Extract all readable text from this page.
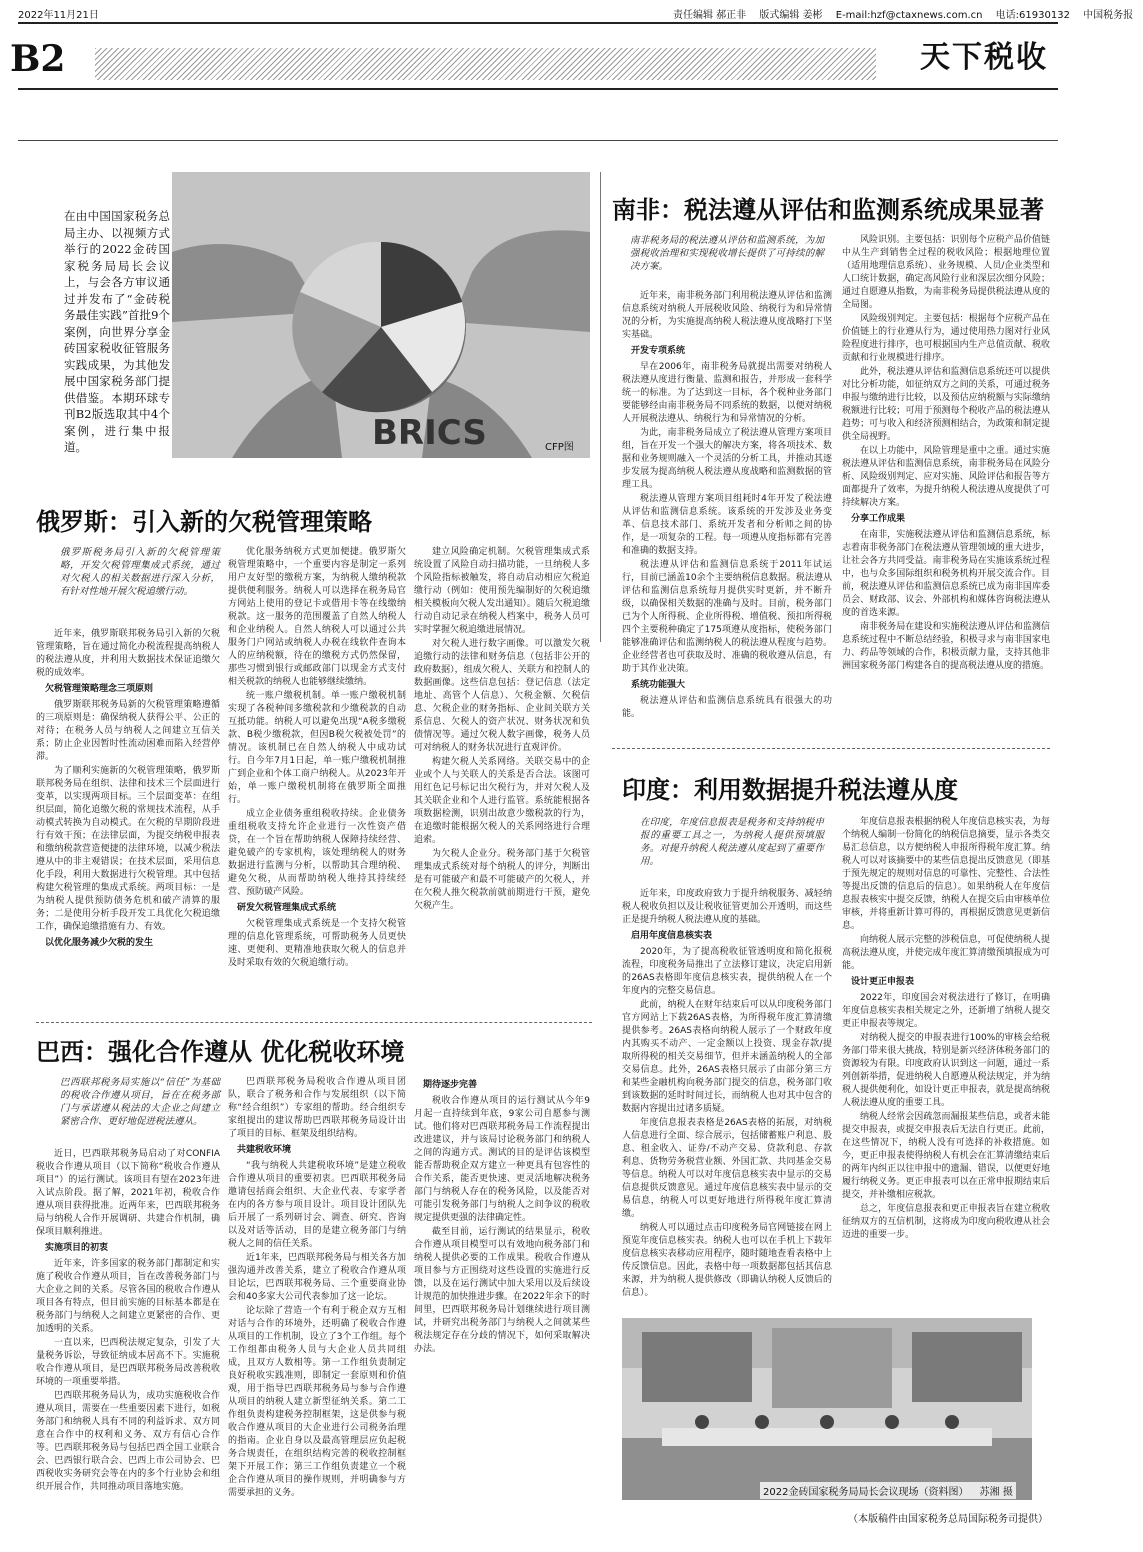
2022年11月21日	责任编辑 郝正非 版式编辑 姜彬 E-mail:hzf@ctaxnews.com.cn 电话:61930132 中国税务报
B2	天下税收
在由中国国家税务总局主办、以视频方式举行的2022金砖国家税务局局长会议上，与会各方审议通过并发布了“金砖税务最佳实践”首批9个案例，向世界分享金砖国家税收征管服务实践成果，为其他发展中国家税务部门提供借鉴。本期环球专刊B2版选取其中4个案例，进行集中报道。	BRICS	CFP图
南非：税法遵从评估和监测系统成果显著
南非税务局的税法遵从评估和监测系统，为加强税收治理和实现税收增长提供了可持续的解决方案。

近年来，南非税务部门利用税法遵从评估和监测信息系统对纳税人开展税收风险、纳税行为和异常情况的分析，为实施提高纳税人税法遵从度战略打下坚实基础。

开发专项系统

早在2006年，南非税务局就提出需要对纳税人税法遵从度进行衡量、监测和报告，并形成一套科学统一的标准。为了达到这一目标，各个税种业务部门要能够经由南非税务局不同系统的数据，以便对纳税人开展税法遵从、纳税行为和异常情况的分析。

为此，南非税务局成立了税法遵从管理方案项目组，旨在开发一个强大的解决方案，将各项技术、数据和业务规则融入一个灵活的分析工具，并推动其逐步发展为提高纳税人税法遵从度战略和监测数据的管理工具。

税法遵从管理方案项目组耗时4年开发了税法遵从评估和监测信息系统。该系统的开发涉及业务变革、信息技术部门、系统开发者和分析师之间的协作，是一项复杂的工程。每一项遵从度指标都有完善和准确的数据支持。

税法遵从评估和监测信息系统于2011年试运行，目前已涵盖10余个主要纳税信息数据。税法遵从评估和监测信息系统每月提供实时更新，并不断升级，以确保相关数据的准确与及时。目前，税务部门已为个人所得税、企业所得税、增值税、预扣所得税四个主要税种确定了175项遵从度指标，使税务部门能够准确评估和监测纳税人的税法遵从程度与趋势。企业经营者也可获取及时、准确的税收遵从信息，有助于其作业决策。

系统功能强大

税法遵从评估和监测信息系统具有很强大的功能。

风险识别。主要包括：识别每个应税产品价值链中从生产到销售全过程的税收风险；根据地理位置（适用地理信息系统）、业务规模、人员/企业类型和人口统计数据，确定高风险行业和深层次细分风险；通过自愿遵从指数，为南非税务局提供税法遵从度的全局图。

风险级别判定。主要包括：根据每个应税产品在价值链上的行业遵从行为，通过使用热力图对行业风险程度进行排序，也可根据国内生产总值贡献、税收贡献和行业规模进行排序。

此外，税法遵从评估和监测信息系统还可以提供对比分析功能，如征纳双方之间的关系，可通过税务申报与缴纳进行比较，以及预估应纳税额与实际缴纳税额进行比较；可用于预测每个税收产品的税法遵从趋势；可与收入和经济预测相结合，为政策和制定提供全局视野。

在以上功能中，风险管理是重中之重。通过实施税法遵从评估和监测信息系统，南非税务局在风险分析、风险级别判定、应对实施、风险评估和报告等方面都提升了效率，为提升纳税人税法遵从度提供了可持续解决方案。

分享工作成果

在南非，实施税法遵从评估和监测信息系统，标志着南非税务部门在税法遵从管理领域的重大进步，让社会各方共同受益。南非税务局在实施该系统过程中，也与众多国际组织和税务机构开展交流合作。目前，税法遵从评估和监测信息系统已成为南非国库委员会、财政部、议会、外部机构和媒体咨询税法遵从度的首选来源。

南非税务局在建设和实施税法遵从评估和监测信息系统过程中不断总结经验，积极寻求与南非国家电力、药品等领域的合作，积极贡献力量，支持其他非洲国家税务部门构建各自的提高税法遵从度的措施。

俄罗斯：引入新的欠税管理策略
俄罗斯税务局引入新的欠税管理策略，开发欠税管理集成式系统，通过对欠税人的相关数据进行深入分析，有针对性地开展欠税追缴行动。

近年来，俄罗斯联邦税务局引入新的欠税管理策略，旨在通过简化办税流程提高纳税人的税法遵从度，并利用大数据技术保证追缴欠税的成效率。

欠税管理策略理念三项原则

俄罗斯联邦税务局新的欠税管理策略遵循的三项原则是：确保纳税人获得公平、公正的对待；在税务人员与纳税人之间建立互信关系；防止企业因暂时性流动困难而陷入经营停滞。

为了顺利实施新的欠税管理策略，俄罗斯联邦税务局在组织、法律和技术三个层面进行变革，以实现两项目标。三个层面变革：在组织层面，简化追缴欠税的常规技术流程，从手动模式转换为自动模式。在欠税的早期阶段进行有效干预；在法律层面，为提交纳税申报表和缴纳税款营造便捷的法律环境，以减少税法遵从中的非主观错误；在技术层面，采用信息化手段，利用大数据进行欠税管理。其中包括构建欠税管理的集成式系统。两项目标：一是为纳税人提供预防债务危机和破产清算的服务；二是使用分析手段开发工具优化欠税追缴工作，确保追缴措施有力、有效。

以优化服务减少欠税的发生

优化服务纳税方式更加便捷。俄罗斯欠税管理策略中，一个重要内容是制定一系列用户友好型的缴税方案，为纳税人缴纳税款提供便利服务。纳税人可以选择在税务局官方网站上使用的登记卡或借用卡等在线缴纳税款。这一服务的范围覆盖了自然人纳税人和企业纳税人。自然人纳税人可以通过公共服务门户网站或纳税人办税在线软件查询本人的应纳税额，待在的缴税方式仍然保留，那些习惯到银行或邮政部门以现金方式支付相关税款的纳税人也能够继续缴纳。

统一账户缴税机制。单一账户缴税机制实现了各税种间多缴税款和少缴税款的自动互抵功能。纳税人可以避免出现“A税多缴税款、B税少缴税款，但因B税欠税被处罚”的情况。该机制已在自然人纳税人中成功试行。自今年7月1日起，单一账户缴税机制推广到企业和个体工商户纳税人。从2023年开始，单一账户缴税机制将在俄罗斯全面推行。

成立企业债务重组税收持续。企业债务重组税收支持允许企业进行一次性资产借贷，在一个旨在帮助纳税人保障持续经营、避免破产的专家机构，该处理纳税人的财务数据进行监测与分析，以帮助其合理纳税、避免欠税，从而帮助纳税人维持其持续经营、预防破产风险。

研发欠税管理集成式系统

欠税管理集成式系统是一个支持欠税管理的信息化管理系统，可帮助税务人员更快速、更便利、更精准地获取欠税人的信息并及时采取有效的欠税追缴行动。

建立风险确定机制。欠税管理集成式系统设置了风险自动扫描功能，一旦纳税人多个风险指标被触发，将自动启动相应欠税追缴行动（例如：使用预先编制好的欠税追缴相关模板向欠税人发出通知）。随后欠税追缴行动自动记录在纳税人档案中，税务人员可实时掌握欠税追缴进展情况。

对欠税人进行数字画像。可以激发欠税追缴行动的法律和财务信息（包括非公开的政府数据），组成欠税人、关联方和控制人的数据画像。这些信息包括：登记信息（法定地址、高管个人信息）、欠税金额、欠税信息、欠税企业的财务指标、企业间关联方关系信息、欠税人的资产状况、财务状况和负债情况等。通过欠税人数字画像，税务人员可对纳税人的财务状况进行直观评价。

构建欠税人关系网络。关联交易中的企业或个人与关联人的关系是否合法。该图可用红色记号标记出欠税行为，并对欠税人及其关联企业和个人进行监管。系统能根据各项数据检测，识别出故意少缴税款的行为，在追缴时能根据欠税人的关系网络进行合理追索。

为欠税人企业分。税务部门基于欠税管理集成式系统对每个纳税人的评分，判断出是有可能破产和最不可能破产的欠税人，并在欠税人推欠税款前就前期进行干预，避免欠税产生。

巴西：强化合作遵从 优化税收环境
巴西联邦税务局实施以“信任”为基础的税收合作遵从项目，旨在在税务部门与承诺遵从税法的大企业之间建立紧密合作、更好地促进税法遵从。

近日，巴西联邦税务局启动了对CONFIA税收合作遵从项目（以下简称“税收合作遵从项目”）的运行测试。该项目有望在2023年进入试点阶段。据了解，2021年初，税收合作遵从项目获得批准。近两年来，巴西联邦税务局与纳税人合作开展调研、共建合作机制，确保项目顺利推进。

实施项目的初衷

近年来，许多国家的税务部门都制定和实施了税收合作遵从项目，旨在改善税务部门与大企业之间的关系。尽管各国的税收合作遵从项目各有特点，但目前实施的目标基本都是在税务部门与纳税人之间建立更紧密的合作、更加透明的关系。

一直以来，巴西税法规定复杂，引发了大量税务诉讼，导致征纳成本居高不下。实施税收合作遵从项目，是巴西联邦税务局改善税收环境的一项重要举措。

巴西联邦税务局认为，成功实施税收合作遵从项目，需要在一些重要因素下进行，如税务部门和纳税人具有不同的利益诉求、双方同意在合作中的权利和义务、双方有信心合作等。巴西联邦税务局与包括巴西全国工业联合会、巴西银行联合会、巴西上市公司协会、巴西税收实务研究会等在内的多个行业协会和组织开展合作，共同推动项目落地实施。

巴西联邦税务局税收合作遵从项目团队，联合了税务和合作与发展组织（以下简称“经合组织”）专家组的帮助。经合组织专家组提出的建议帮助巴西联邦税务局设计出了项目的目标、框架及组织结构。

共建税收环境

“我与纳税人共建税收环境”是建立税收合作遵从项目的重要初衷。巴西联邦税务局邀请包括商会组织、大企业代表、专家学者在内的各方参与项目设计。项目设计团队先后开展了一系列研讨会、调查、研究、咨询以及对话等活动，目的是建立税务部门与纳税人之间的信任关系。

近1年来，巴西联邦税务局与相关各方加强沟通并改善关系，建立了税收合作遵从项目论坛，巴西联邦税务局、三个重要商业协会和40多家大公司代表参加了这一论坛。

论坛除了营造一个有利于税企双方互相对话与合作的环境外，还明确了税收合作遵从项目的工作机制，设立了3个工作组。每个工作组都由税务人员与大企业人员共同组成，且双方人数相等。第一工作组负责制定良好税收实践准则，即制定一套原则和价值观，用于指导巴西联邦税务局与参与合作遵从项目的纳税人建立新型征纳关系。第二工作组负责构建税务控制框架，这是供参与税收合作遵从项目的大企业进行公司税务治理的指南。企业自身以及最高管理层应负起税务合规责任，在组织结构完善的税收控制框架下开展工作；第三工作组负责建立一个税企合作遵从项目的操作规则，并明确参与方需要承担的义务。

期待逐步完善

税收合作遵从项目的运行测试从今年9月起一直持续到年底，9家公司自愿参与测试。他们将对巴西联邦税务局工作流程提出改进建议，并与该局讨论税务部门和纳税人之间的沟通方式。测试的目的是评估该模型能否帮助税企双方建立一种更具有包容性的合作关系，能否更快速、更灵活地解决税务部门与纳税人存在的税务风险，以及能否对可能引发税务部门与纳税人之间争议的税收规定提供更强的法律确定性。

截至目前，运行测试的结果显示，税收合作遵从项目模型可以有效地向税务部门和纳税人提供必要的工作成果。税收合作遵从项目参与方正围绕对这些设置的实施进行反馈，以及在运行测试中加大采用以及后续设计规范的加快推进步骤。在2022年余下的时间里，巴西联邦税务局计划继续进行项目测试，并研究出税务部门与纳税人之间就某些税法规定存在分歧的情况下，如何采取解决办法。

印度：利用数据提升税法遵从度
在印度，年度信息报表是税务和支持纳税申报的重要工具之一，为纳税人提供预填服务。对提升纳税人税法遵从度起到了重要作用。

近年来，印度政府致力于提升纳税服务、减轻纳税人税收负担以及让税收征管更加公开透明，而这些正是提升纳税人税法遵从度的基础。

启用年度信息核实表

2020年，为了提高税收征管透明度和简化报税流程，印度税务局推出了立法修订建议，决定启用新的26AS表格即年度信息核实表，提供纳税人在一个年度内的完整交易信息。

此前，纳税人在财年结束后可以从印度税务部门官方网站上下载26AS表格，为所得税年度汇算清缴提供参考。26AS表格向纳税人展示了一个财政年度内其购买不动产、一定金额以上投资、现金存款/提取所得税的相关交易细节，但并未涵盖纳税人的全部交易信息。此外，26AS表格只展示了由部分第三方和某些金融机构向税务部门提交的信息，税务部门收到该数据的延时时间过长，而纳税人也对其中包含的数据内容提出过诸多质疑。

年度信息报表表格是26AS表格的拓展，对纳税人信息进行全面、综合展示，包括储蓄账户利息、股息、租金收入、证券/不动产交易、贷款利息、存款利息、货物劳务税营业额、外国汇款、共同基金交易等信息。纳税人可以对年度信息核实表中显示的交易信息提供反馈意见。通过年度信息核实表中显示的交易信息，纳税人可以更好地进行所得税年度汇算清缴。

纳税人可以通过点击印度税务局官网链接在网上预览年度信息核实表。纳税人也可以在手机上下载年度信息核实表移动应用程序，随时随地查看表格中上传反馈信息。因此，表格中每一项数据都包括其信息来源，并为纳税人提供修改（即确认纳税人反馈后的信息）。

年度信息报表根据纳税人年度信息核实表，为每个纳税人编制一份简化的纳税信息摘要，显示各类交易汇总信息，以方便纳税人申报所得税年度汇算。纳税人可以对该摘要中的某些信息提出反馈意见（即基于预先规定的规则对信息的可靠性、完整性、合法性等提出反馈的信息后的信息）。如果纳税人在年度信息报表核实中提交反馈，纳税人在提交后由审核单位审核，并将重新计算可得的，再根据反馈意见更新信息。

向纳税人展示完整的涉税信息，可促使纳税人提高税法遵从度，并使完成年度汇算清缴预填报成为可能。

设计更正申报表

2022年，印度国会对税法进行了修订，在明确年度信息核实表相关规定之外，还新增了纳税人提交更正申报表等规定。

对纳税人提交的申报表进行100%的审核会给税务部门带来很大挑战，特别是新兴经济体税务部门的资源较为有限。印度政府认识到这一问题，通过一系列创新举措，促进纳税人自愿遵从税法规定，并为纳税人提供便利化，如设计更正申报表，就是提高纳税人税法遵从度的重要工具。

纳税人经常会因疏忽而漏报某些信息，或者未能提交申报表，或提交申报表后无法自行更正。此前，在这些情况下，纳税人没有可选择的补救措施。如今，更正申报表使得纳税人有机会在汇算清缴结束后的两年内纠正以往申报中的遗漏、错误，以便更好地履行纳税义务。更正申报表可以在正常申报期结束后提交，并补缴相应税款。

总之，年度信息报表和更正申报表旨在建立税收征纳双方的互信机制，这将成为印度向税收遵从社会迈进的重要一步。

2022金砖国家税务局局长会议现场（资料图） 苏湘 摄
（本版稿件由国家税务总局国际税务司提供）
